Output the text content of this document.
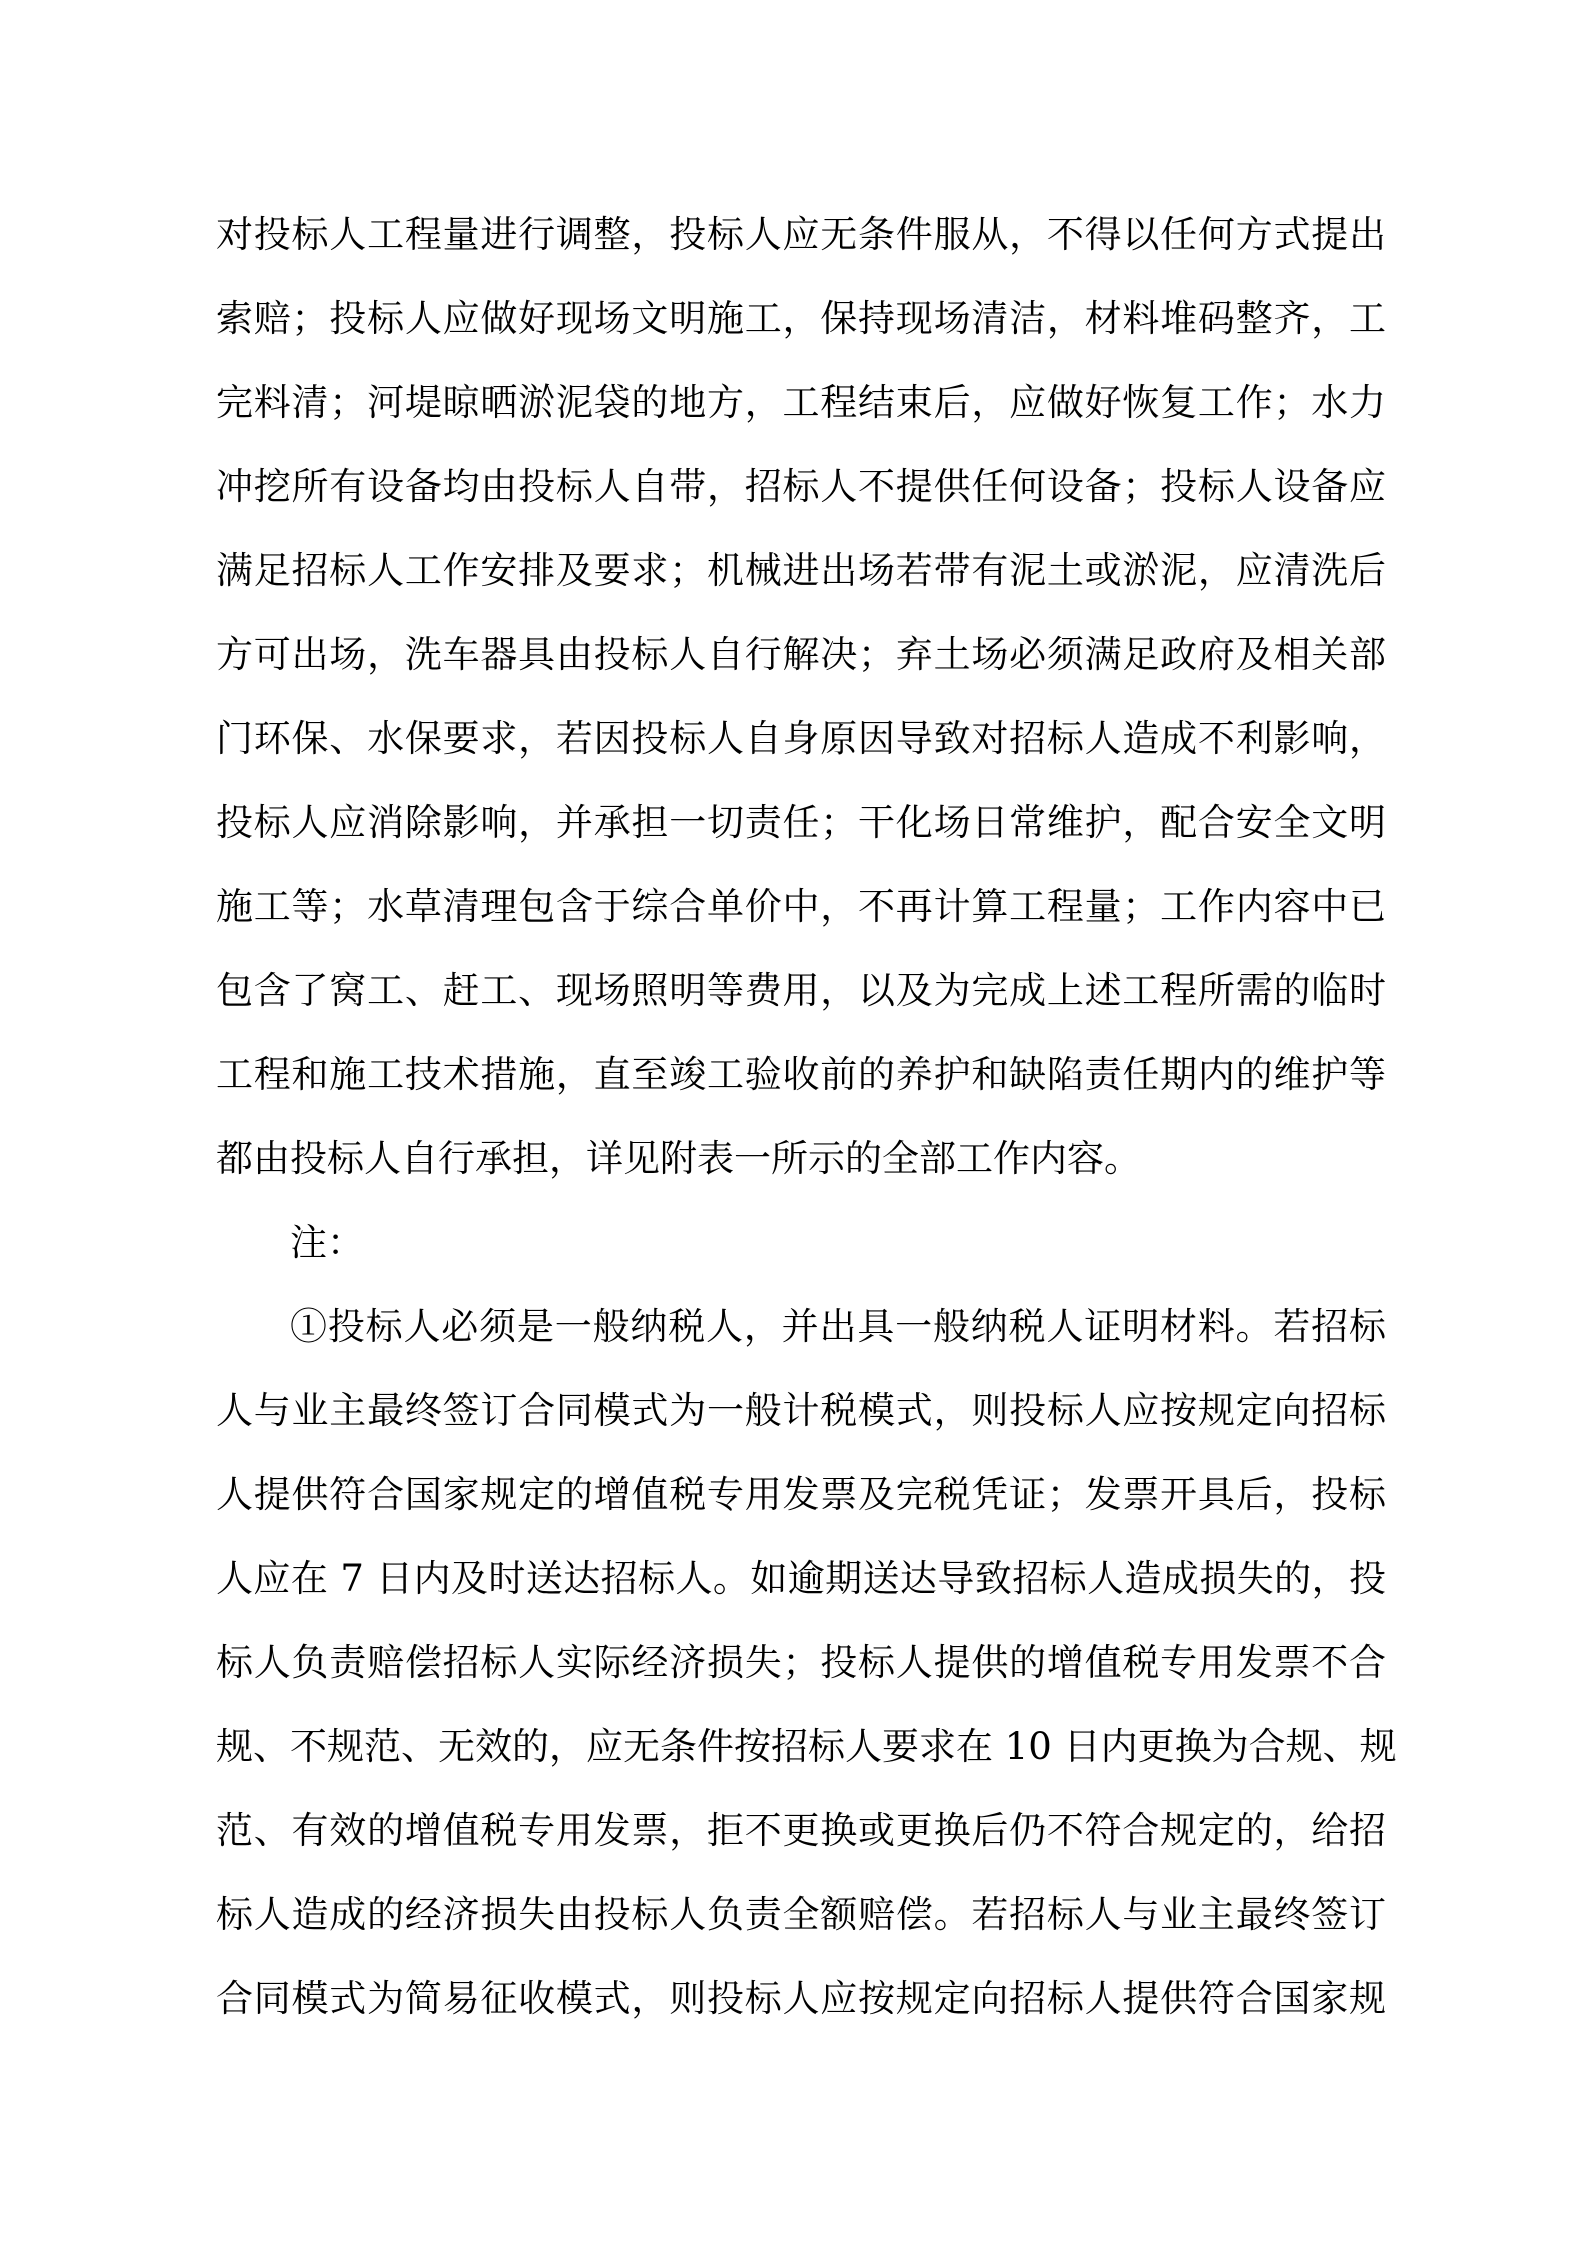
对投标人工程量进行调整，投标人应无条件服从，不得以任何方式提出
索赔；投标人应做好现场文明施工，保持现场清洁，材料堆码整齐，工
完料清；河堤晾晒淤泥袋的地方，工程结束后，应做好恢复工作；水力
冲挖所有设备均由投标人自带，招标人不提供任何设备；投标人设备应
满足招标人工作安排及要求；机械进出场若带有泥土或淤泥，应清洗后
方可出场，洗车器具由投标人自行解决；弃土场必须满足政府及相关部
门环保、水保要求，若因投标人自身原因导致对招标人造成不利影响，
投标人应消除影响，并承担一切责任；干化场日常维护，配合安全文明
施工等；水草清理包含于综合单价中，不再计算工程量；工作内容中已
包含了窝工、赶工、现场照明等费用，以及为完成上述工程所需的临时
工程和施工技术措施，直至竣工验收前的养护和缺陷责任期内的维护等
都由投标人自行承担，详见附表一所示的全部工作内容。
注：
①投标人必须是一般纳税人，并出具一般纳税人证明材料。若招标
人与业主最终签订合同模式为一般计税模式，则投标人应按规定向招标
人提供符合国家规定的增值税专用发票及完税凭证；发票开具后，投标
人应在 7 日内及时送达招标人。如逾期送达导致招标人造成损失的，投
标人负责赔偿招标人实际经济损失；投标人提供的增值税专用发票不合
规、不规范、无效的，应无条件按招标人要求在 10 日内更换为合规、规
范、有效的增值税专用发票，拒不更换或更换后仍不符合规定的，给招
标人造成的经济损失由投标人负责全额赔偿。若招标人与业主最终签订
合同模式为简易征收模式，则投标人应按规定向招标人提供符合国家规
